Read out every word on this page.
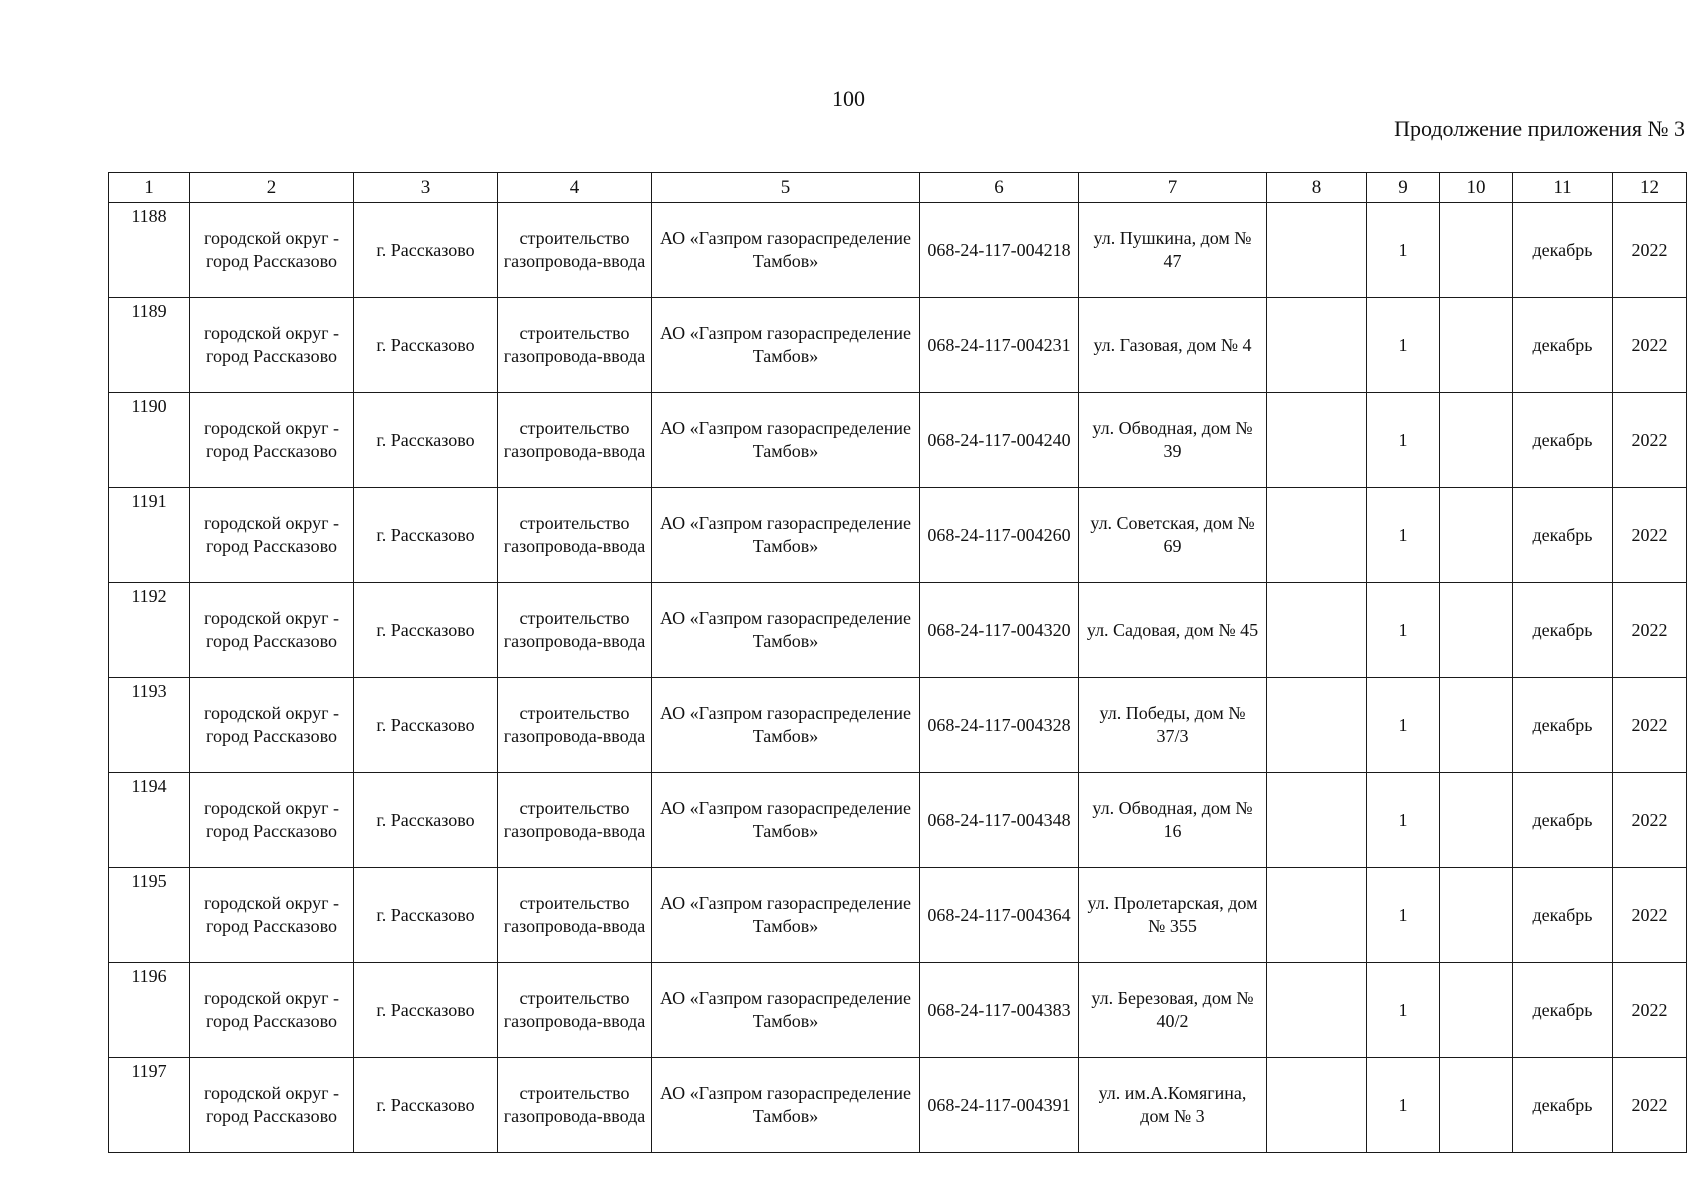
100
Продолжение приложения № 3
1	2	3	4	5	6	7	8	9	10	11	12
1188	городской округ - город Рассказово	г. Рассказово	строительство газопровода-ввода	АО «Газпром газораспределение Тамбов»	068-24-117-004218	ул. Пушкина, дом № 47		1		декабрь	2022
1189	городской округ - город Рассказово	г. Рассказово	строительство газопровода-ввода	АО «Газпром газораспределение Тамбов»	068-24-117-004231	ул. Газовая, дом № 4		1		декабрь	2022
1190	городской округ - город Рассказово	г. Рассказово	строительство газопровода-ввода	АО «Газпром газораспределение Тамбов»	068-24-117-004240	ул. Обводная, дом № 39		1		декабрь	2022
1191	городской округ - город Рассказово	г. Рассказово	строительство газопровода-ввода	АО «Газпром газораспределение Тамбов»	068-24-117-004260	ул. Советская, дом № 69		1		декабрь	2022
1192	городской округ - город Рассказово	г. Рассказово	строительство газопровода-ввода	АО «Газпром газораспределение Тамбов»	068-24-117-004320	ул. Садовая, дом № 45		1		декабрь	2022
1193	городской округ - город Рассказово	г. Рассказово	строительство газопровода-ввода	АО «Газпром газораспределение Тамбов»	068-24-117-004328	ул. Победы, дом № 37/3		1		декабрь	2022
1194	городской округ - город Рассказово	г. Рассказово	строительство газопровода-ввода	АО «Газпром газораспределение Тамбов»	068-24-117-004348	ул. Обводная, дом № 16		1		декабрь	2022
1195	городской округ - город Рассказово	г. Рассказово	строительство газопровода-ввода	АО «Газпром газораспределение Тамбов»	068-24-117-004364	ул. Пролетарская, дом № 355		1		декабрь	2022
1196	городской округ - город Рассказово	г. Рассказово	строительство газопровода-ввода	АО «Газпром газораспределение Тамбов»	068-24-117-004383	ул. Березовая, дом № 40/2		1		декабрь	2022
1197	городской округ - город Рассказово	г. Рассказово	строительство газопровода-ввода	АО «Газпром газораспределение Тамбов»	068-24-117-004391	ул. им.А.Комягина, дом № 3		1		декабрь	2022
